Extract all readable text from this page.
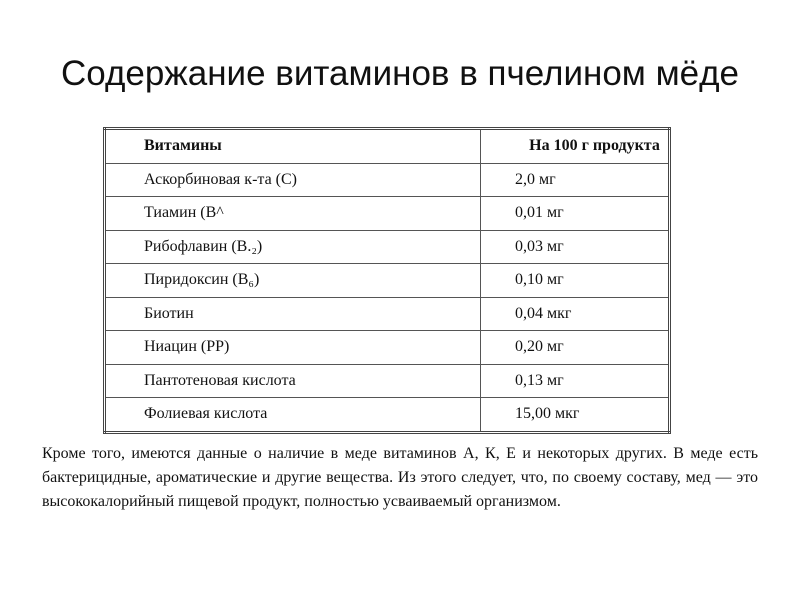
Содержание витаминов в пчелином мёде
Витамины	На 100 г продукта
Аскорбиновая к-та (С)	2,0 мг
Тиамин (В^	0,01 мг
Рибофлавин (В.₂)	0,03 мг
Пиридоксин (В₆)	0,10 мг
Биотин	0,04 мкг
Ниацин (РР)	0,20 мг
Пантотеновая кислота	0,13 мг
Фолиевая кислота	15,00 мкг
Кроме того, имеются данные о наличие в меде витаминов А, К, Е и некоторых других. В меде есть бактерицидные, ароматические и другие вещества. Из этого следует, что, по своему составу, мед — это высококалорийный пищевой продукт, полностью усваиваемый организмом.
